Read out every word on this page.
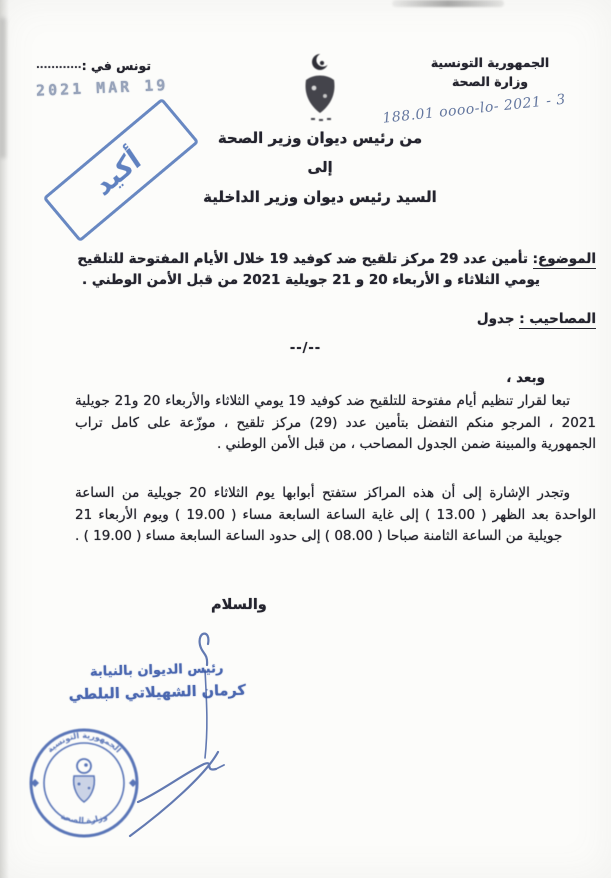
الجمهورية التونسية
وزارة الصحة
تونس في :............
2021 MAR 19
188.01 oooo-lo- 2021 - 3
أكيد
من رئيس ديوان وزير الصحة
إلى
السيد رئيس ديوان وزير الداخلية
الموضوع: تأمين عدد 29 مركز تلقيح ضد كوفيد 19 خلال الأيام المفتوحة للتلقيح
يومي الثلاثاء و الأربعاء 20 و 21 جويلية 2021 من قبل الأمن الوطني .
المصاحيب : جدول
--/--
وبعد ،
تبعا لقرار تنظيم أيام مفتوحة للتلقيح ضد كوفيد 19 يومي الثلاثاء والأربعاء 20 و21 جويلية 2021 ، المرجو منكم التفضل بتأمين عدد (29) مركز تلقيح ، موزّعة على كامل تراب الجمهورية والمبينة ضمن الجدول المصاحب ، من قبل الأمن الوطني .
وتجدر الإشارة إلى أن هذه المراكز ستفتح أبوابها يوم الثلاثاء 20 جويلية من الساعة الواحدة بعد الظهر ( 13.00 ) إلى غاية الساعة السابعة مساء ( 19.00 ) ويوم الأربعاء 21 جويلية من الساعة الثامنة صباحا ( 08.00 ) إلى حدود الساعة السابعة مساء ( 19.00 ) .
والسلام
رئيس الديوان بالنيابة
كرمان الشهيلاتي البلطي
الجمهورية التونسية
وزارة الصحة
